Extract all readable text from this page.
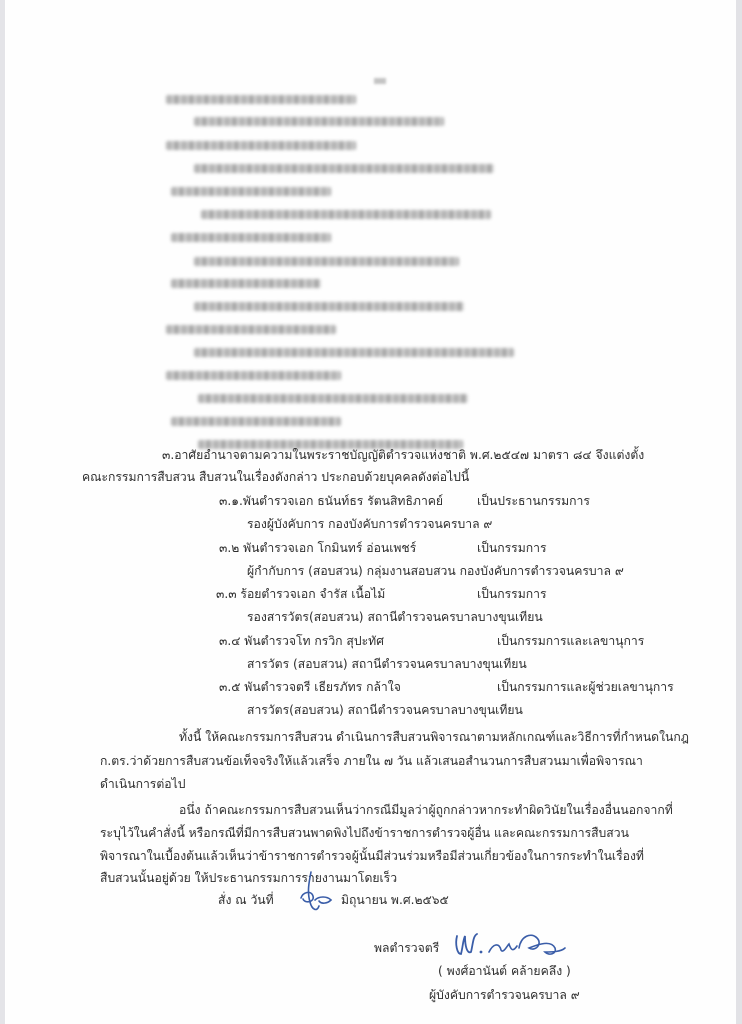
๓.อาศัยอำนาจตามความในพระราชบัญญัติตำรวจแห่งชาติ พ.ศ.๒๕๔๗ มาตรา ๘๔ จึงแต่งตั้ง
คณะกรรมการสืบสวน สืบสวนในเรื่องดังกล่าว ประกอบด้วยบุคคลดังต่อไปนี้
๓.๑.พันตำรวจเอก ธนันท์ธร รัตนสิทธิภาคย์	เป็นประธานกรรมการ
รองผู้บังคับการ กองบังคับการตำรวจนครบาล ๙
๓.๒ พันตำรวจเอก โกมินทร์ อ่อนเพชร์	เป็นกรรมการ
ผู้กำกับการ (สอบสวน) กลุ่มงานสอบสวน กองบังคับการตำรวจนครบาล ๙
๓.๓ ร้อยตำรวจเอก จำรัส เนื้อไม้	เป็นกรรมการ
รองสารวัตร(สอบสวน) สถานีตำรวจนครบาลบางขุนเทียน
๓.๔ พันตำรวจโท กรวิก สุปะทัศ	เป็นกรรมการและเลขานุการ
สารวัตร (สอบสวน) สถานีตำรวจนครบาลบางขุนเทียน
๓.๕ พันตำรวจตรี เธียรภัทร กล้าใจ	เป็นกรรมการและผู้ช่วยเลขานุการ
สารวัตร(สอบสวน) สถานีตำรวจนครบาลบางขุนเทียน
ทั้งนี้ ให้คณะกรรมการสืบสวน ดำเนินการสืบสวนพิจารณาตามหลักเกณฑ์และวิธีการที่กำหนดในกฎ
ก.ตร.ว่าด้วยการสืบสวนข้อเท็จจริงให้แล้วเสร็จ ภายใน ๗ วัน แล้วเสนอสำนวนการสืบสวนมาเพื่อพิจารณา
ดำเนินการต่อไป
อนึ่ง ถ้าคณะกรรมการสืบสวนเห็นว่ากรณีมีมูลว่าผู้ถูกกล่าวหากระทำผิดวินัยในเรื่องอื่นนอกจากที่
ระบุไว้ในคำสั่งนี้ หรือกรณีที่มีการสืบสวนพาดพิงไปถึงข้าราชการตำรวจผู้อื่น และคณะกรรมการสืบสวน
พิจารณาในเบื้องต้นแล้วเห็นว่าข้าราชการตำรวจผู้นั้นมีส่วนร่วมหรือมีส่วนเกี่ยวข้องในการกระทำในเรื่องที่
สืบสวนนั้นอยู่ด้วย ให้ประธานกรรมการรายงานมาโดยเร็ว
สั่ง ณ วันที่	มิถุนายน พ.ศ.๒๕๖๕
พลตำรวจตรี
( พงศ์อานันต์ คล้ายคลึง )
ผู้บังคับการตำรวจนครบาล ๙
